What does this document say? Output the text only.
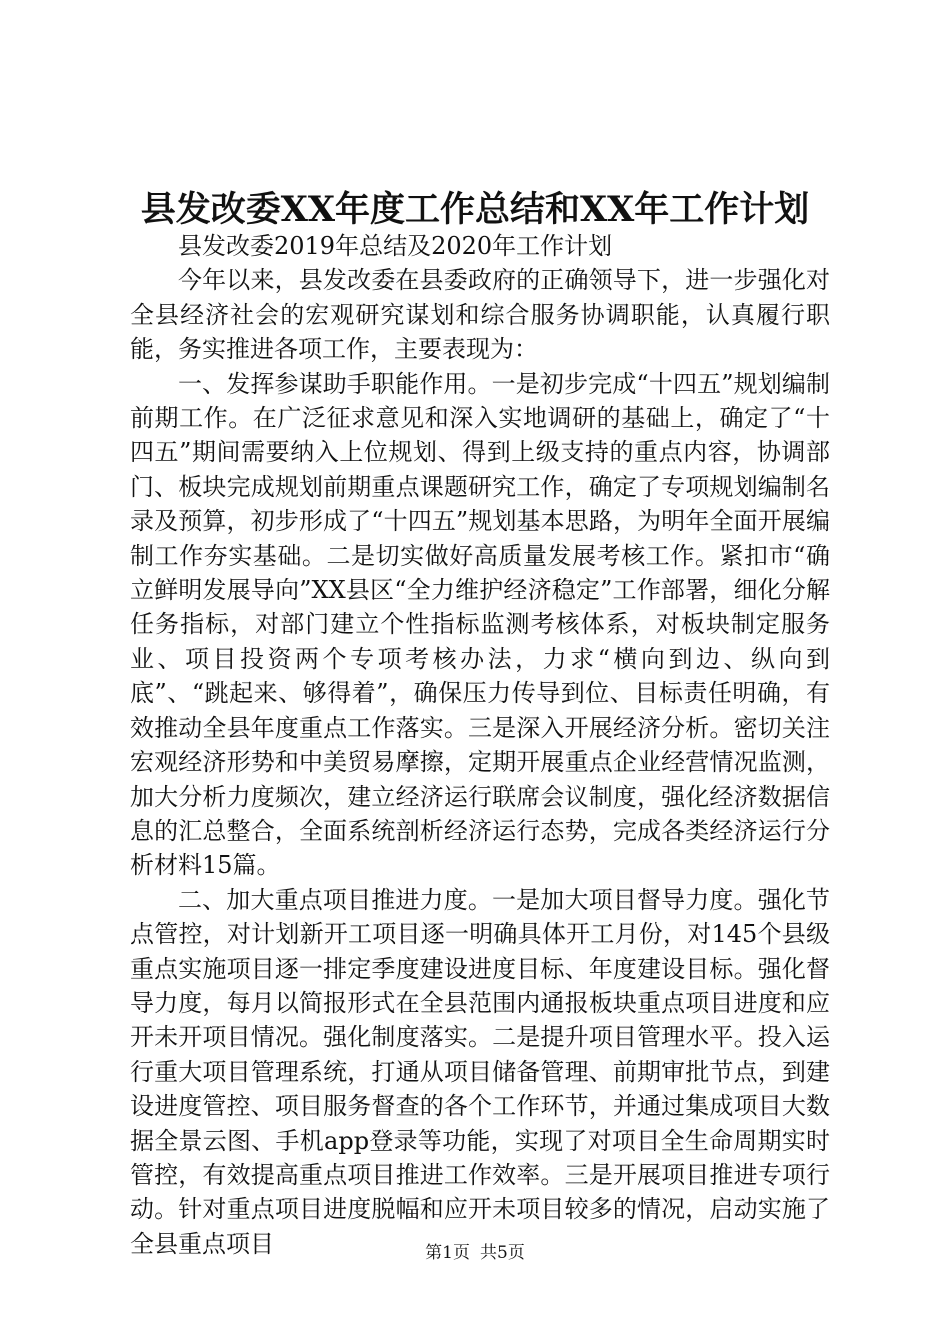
县发改委XX年度工作总结和XX年工作计划

县发改委2019年总结及2020年工作计划

今年以来，县发改委在县委政府的正确领导下，进一步强化对全县经济社会的宏观研究谋划和综合服务协调职能，认真履行职能，务实推进各项工作，主要表现为：

一、发挥参谋助手职能作用。一是初步完成“十四五”规划编制前期工作。在广泛征求意见和深入实地调研的基础上，确定了“十四五”期间需要纳入上位规划、得到上级支持的重点内容，协调部门、板块完成规划前期重点课题研究工作，确定了专项规划编制名录及预算，初步形成了“十四五”规划基本思路，为明年全面开展编制工作夯实基础。二是切实做好高质量发展考核工作。紧扣市“确立鲜明发展导向”XX县区“全力维护经济稳定”工作部署，细化分解任务指标，对部门建立个性指标监测考核体系，对板块制定服务业、项目投资两个专项考核办法，力求“横向到边、纵向到底”、“跳起来、够得着”，确保压力传导到位、目标责任明确，有效推动全县年度重点工作落实。三是深入开展经济分析。密切关注宏观经济形势和中美贸易摩擦，定期开展重点企业经营情况监测，加大分析力度频次，建立经济运行联席会议制度，强化经济数据信息的汇总整合，全面系统剖析经济运行态势，完成各类经济运行分析材料15篇。

二、加大重点项目推进力度。一是加大项目督导力度。强化节点管控，对计划新开工项目逐一明确具体开工月份，对145个县级重点实施项目逐一排定季度建设进度目标、年度建设目标。强化督导力度，每月以简报形式在全县范围内通报板块重点项目进度和应开未开项目情况。强化制度落实。二是提升项目管理水平。投入运行重大项目管理系统，打通从项目储备管理、前期审批节点，到建设进度管控、项目服务督查的各个工作环节，并通过集成项目大数据全景云图、手机app登录等功能，实现了对项目全生命周期实时管控，有效提高重点项目推进工作效率。三是开展项目推进专项行动。针对重点项目进度脱幅和应开未项目较多的情况，启动实施了全县重点项目	第1页 共5页
